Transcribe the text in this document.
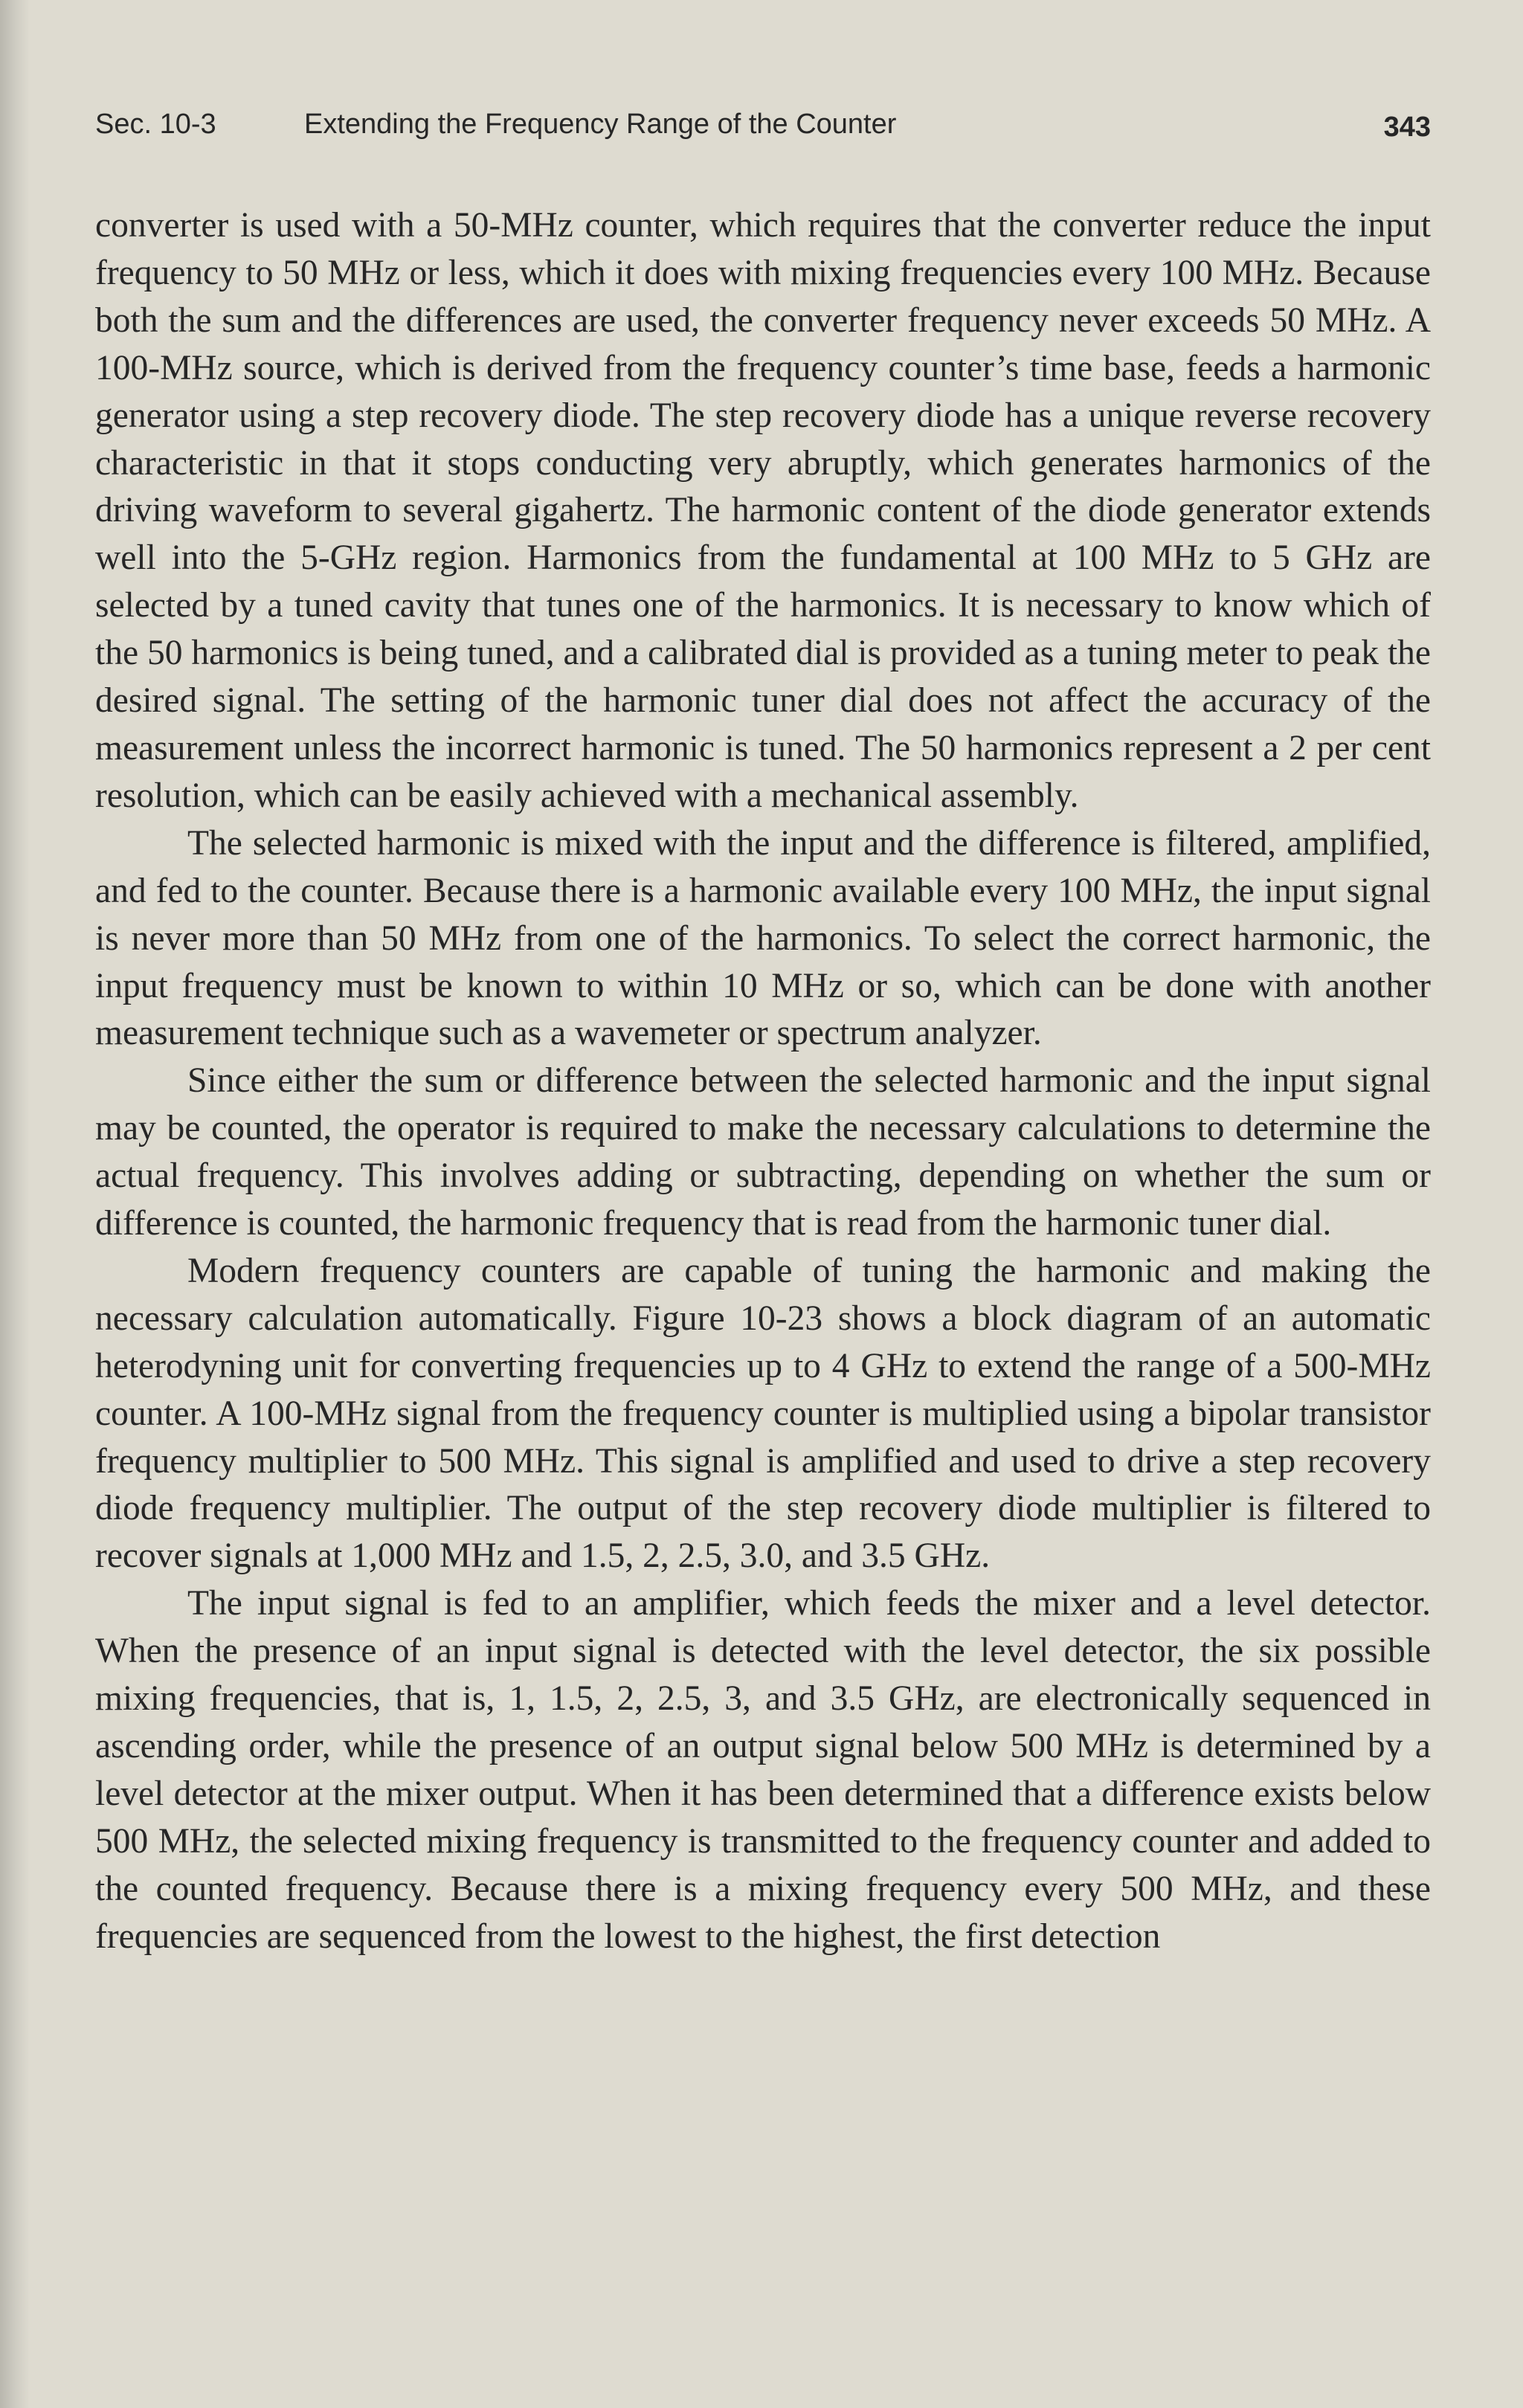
Sec. 10-3	Extending the Frequency Range of the Counter	343

converter is used with a 50-MHz counter, which requires that the converter reduce the input frequency to 50 MHz or less, which it does with mixing frequencies every 100 MHz. Because both the sum and the differences are used, the converter frequency never exceeds 50 MHz. A 100-MHz source, which is derived from the frequency counter’s time base, feeds a harmonic generator using a step recovery diode. The step recovery diode has a unique reverse recovery characteristic in that it stops conducting very abruptly, which generates harmonics of the driving waveform to several gigahertz. The harmonic content of the diode generator extends well into the 5-GHz region. Harmonics from the fundamental at 100 MHz to 5 GHz are selected by a tuned cavity that tunes one of the harmonics. It is necessary to know which of the 50 harmonics is being tuned, and a calibrated dial is provided as a tuning meter to peak the desired signal. The setting of the harmonic tuner dial does not affect the accuracy of the measurement unless the incorrect harmonic is tuned. The 50 harmonics represent a 2 per cent resolution, which can be easily achieved with a mechanical assembly.

The selected harmonic is mixed with the input and the difference is filtered, amplified, and fed to the counter. Because there is a harmonic available every 100 MHz, the input signal is never more than 50 MHz from one of the harmonics. To select the correct harmonic, the input frequency must be known to within 10 MHz or so, which can be done with another measurement technique such as a wavemeter or spectrum analyzer.

Since either the sum or difference between the selected harmonic and the input signal may be counted, the operator is required to make the necessary calculations to determine the actual frequency. This involves adding or subtracting, depending on whether the sum or difference is counted, the harmonic frequency that is read from the harmonic tuner dial.

Modern frequency counters are capable of tuning the harmonic and making the necessary calculation automatically. Figure 10-23 shows a block diagram of an automatic heterodyning unit for converting frequencies up to 4 GHz to extend the range of a 500-MHz counter. A 100-MHz signal from the frequency counter is multiplied using a bipolar transistor frequency multiplier to 500 MHz. This signal is amplified and used to drive a step recovery diode frequency multiplier. The output of the step recovery diode multiplier is filtered to recover signals at 1,000 MHz and 1.5, 2, 2.5, 3.0, and 3.5 GHz.

The input signal is fed to an amplifier, which feeds the mixer and a level detector. When the presence of an input signal is detected with the level detector, the six possible mixing frequencies, that is, 1, 1.5, 2, 2.5, 3, and 3.5 GHz, are electronically sequenced in ascending order, while the presence of an output signal below 500 MHz is determined by a level detector at the mixer output. When it has been determined that a difference exists below 500 MHz, the selected mixing frequency is transmitted to the frequency counter and added to the counted frequency. Because there is a mixing frequency every 500 MHz, and these frequencies are sequenced from the lowest to the highest, the first detection
